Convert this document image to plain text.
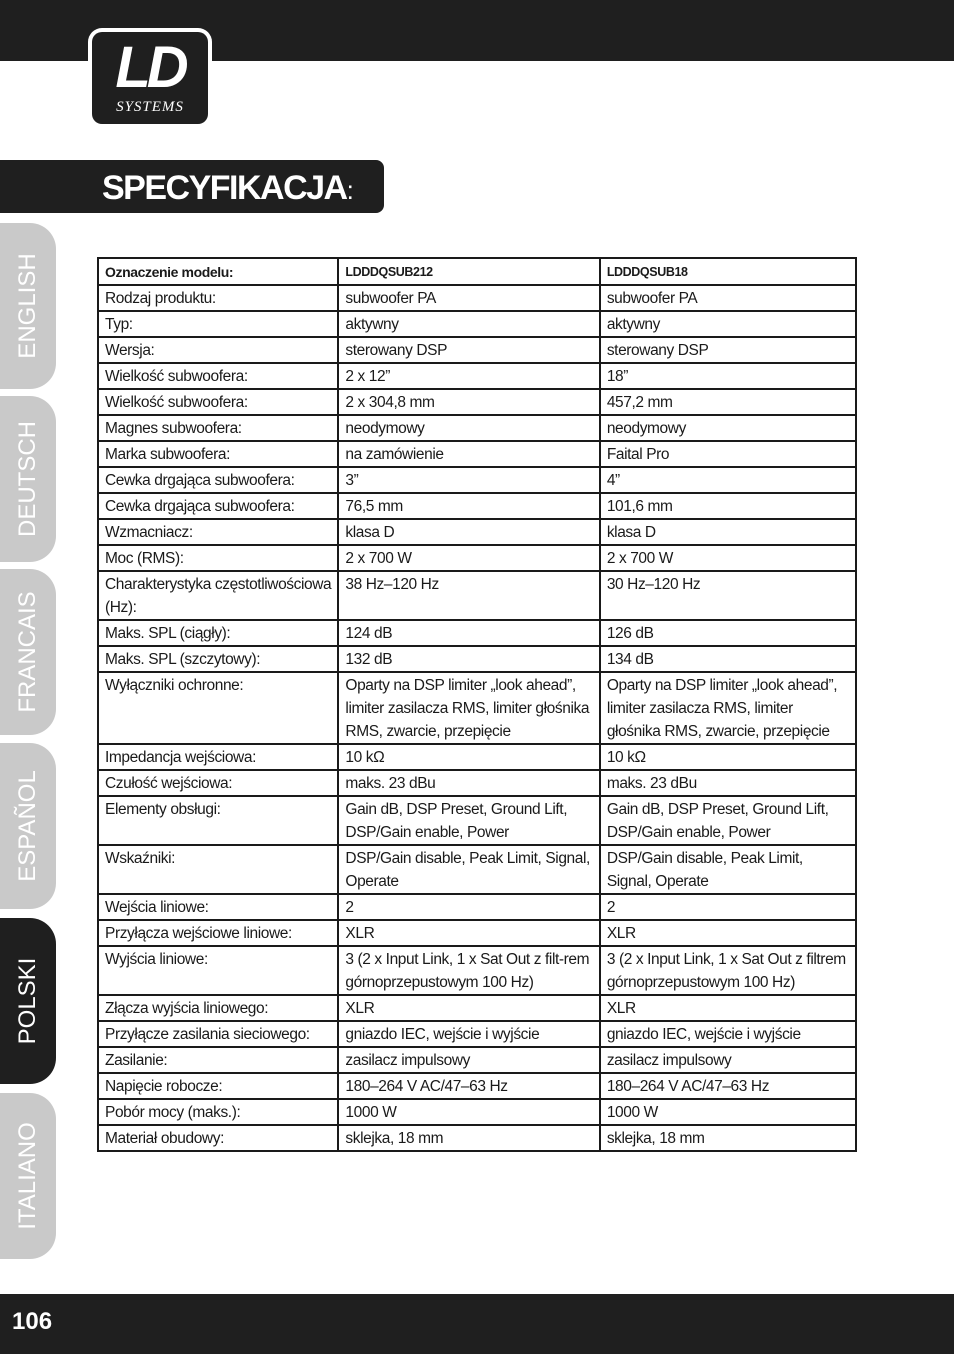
LD
SYSTEMS
SPECYFIKACJA:
ENGLISH
DEUTSCH
FRANCAIS
ESPAÑOL
POLSKI
ITALIANO
Oznaczenie modelu:	LDDDQSUB212	LDDDQSUB18
Rodzaj produktu:	subwoofer PA	subwoofer PA
Typ:	aktywny	aktywny
Wersja:	sterowany DSP	sterowany DSP
Wielkość subwoofera:	2 x 12”	18”
Wielkość subwoofera:	2 x 304,8 mm	457,2 mm
Magnes subwoofera:	neodymowy	neodymowy
Marka subwoofera:	na zamówienie	Faital Pro
Cewka drgająca subwoofera:	3”	4”
Cewka drgająca subwoofera:	76,5 mm	101,6 mm
Wzmacniacz:	klasa D	klasa D
Moc (RMS):	2 x 700 W	2 x 700 W
Charakterystyka częstotliwościowa (Hz):	38 Hz–120 Hz	30 Hz–120 Hz
Maks. SPL (ciągły):	124 dB	126 dB
Maks. SPL (szczytowy):	132 dB	134 dB
Wyłączniki ochronne:	Oparty na DSP limiter „look ahead”, limiter zasilacza RMS, limiter głośnika RMS, zwarcie, przepięcie	Oparty na DSP limiter „look ahead”, limiter zasilacza RMS, limiter głośnika RMS, zwarcie, przepięcie
Impedancja wejściowa:	10 kΩ	10 kΩ
Czułość wejściowa:	maks. 23 dBu	maks. 23 dBu
Elementy obsługi:	Gain dB, DSP Preset, Ground Lift, DSP/Gain enable, Power	Gain dB, DSP Preset, Ground Lift, DSP/Gain enable, Power
Wskaźniki:	DSP/Gain disable, Peak Limit, Signal, Operate	DSP/Gain disable, Peak Limit, Signal, Operate
Wejścia liniowe:	2	2
Przyłącza wejściowe liniowe:	XLR	XLR
Wyjścia liniowe:	3 (2 x Input Link, 1 x Sat Out z filt-rem górnoprzepustowym 100 Hz)	3 (2 x Input Link, 1 x Sat Out z filtrem górnoprzepustowym 100 Hz)
Złącza wyjścia liniowego:	XLR	XLR
Przyłącze zasilania sieciowego:	gniazdo IEC, wejście i wyjście	gniazdo IEC, wejście i wyjście
Zasilanie:	zasilacz impulsowy	zasilacz impulsowy
Napięcie robocze:	180–264 V AC/47–63 Hz	180–264 V AC/47–63 Hz
Pobór mocy (maks.):	1000 W	1000 W
Materiał obudowy:	sklejka, 18 mm	sklejka, 18 mm
106
